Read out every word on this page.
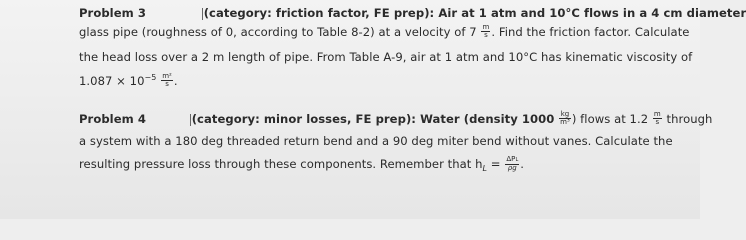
Problem 3	(category: friction factor, FE prep): Air at 1 atm and 10°C flows in a 4 cm diameter
glass pipe (roughness of 0, according to Table 8-2) at a velocity of $7 \frac{m}{s}$ . Find the friction factor. Calculate
the head loss over a 2 m length of pipe. From Table A-9, air at 1 atm and 10°C has kinematic viscosity of
$1.087 \times 10^{-5} \frac{\text{m²}}{s}$ .
Problem 4	(category: minor losses, FE prep): Water (density $1000 \frac{kg}{\text{m³}}$ ) flows at $1.2 \frac{m}{s}$ through
a system with a 180 deg threaded return bend and a 90 deg miter bend without vanes. Calculate the
resulting pressure loss through these components. Remember that $h_L = \frac{\text{ΔPL}}{\rho g}$ .
